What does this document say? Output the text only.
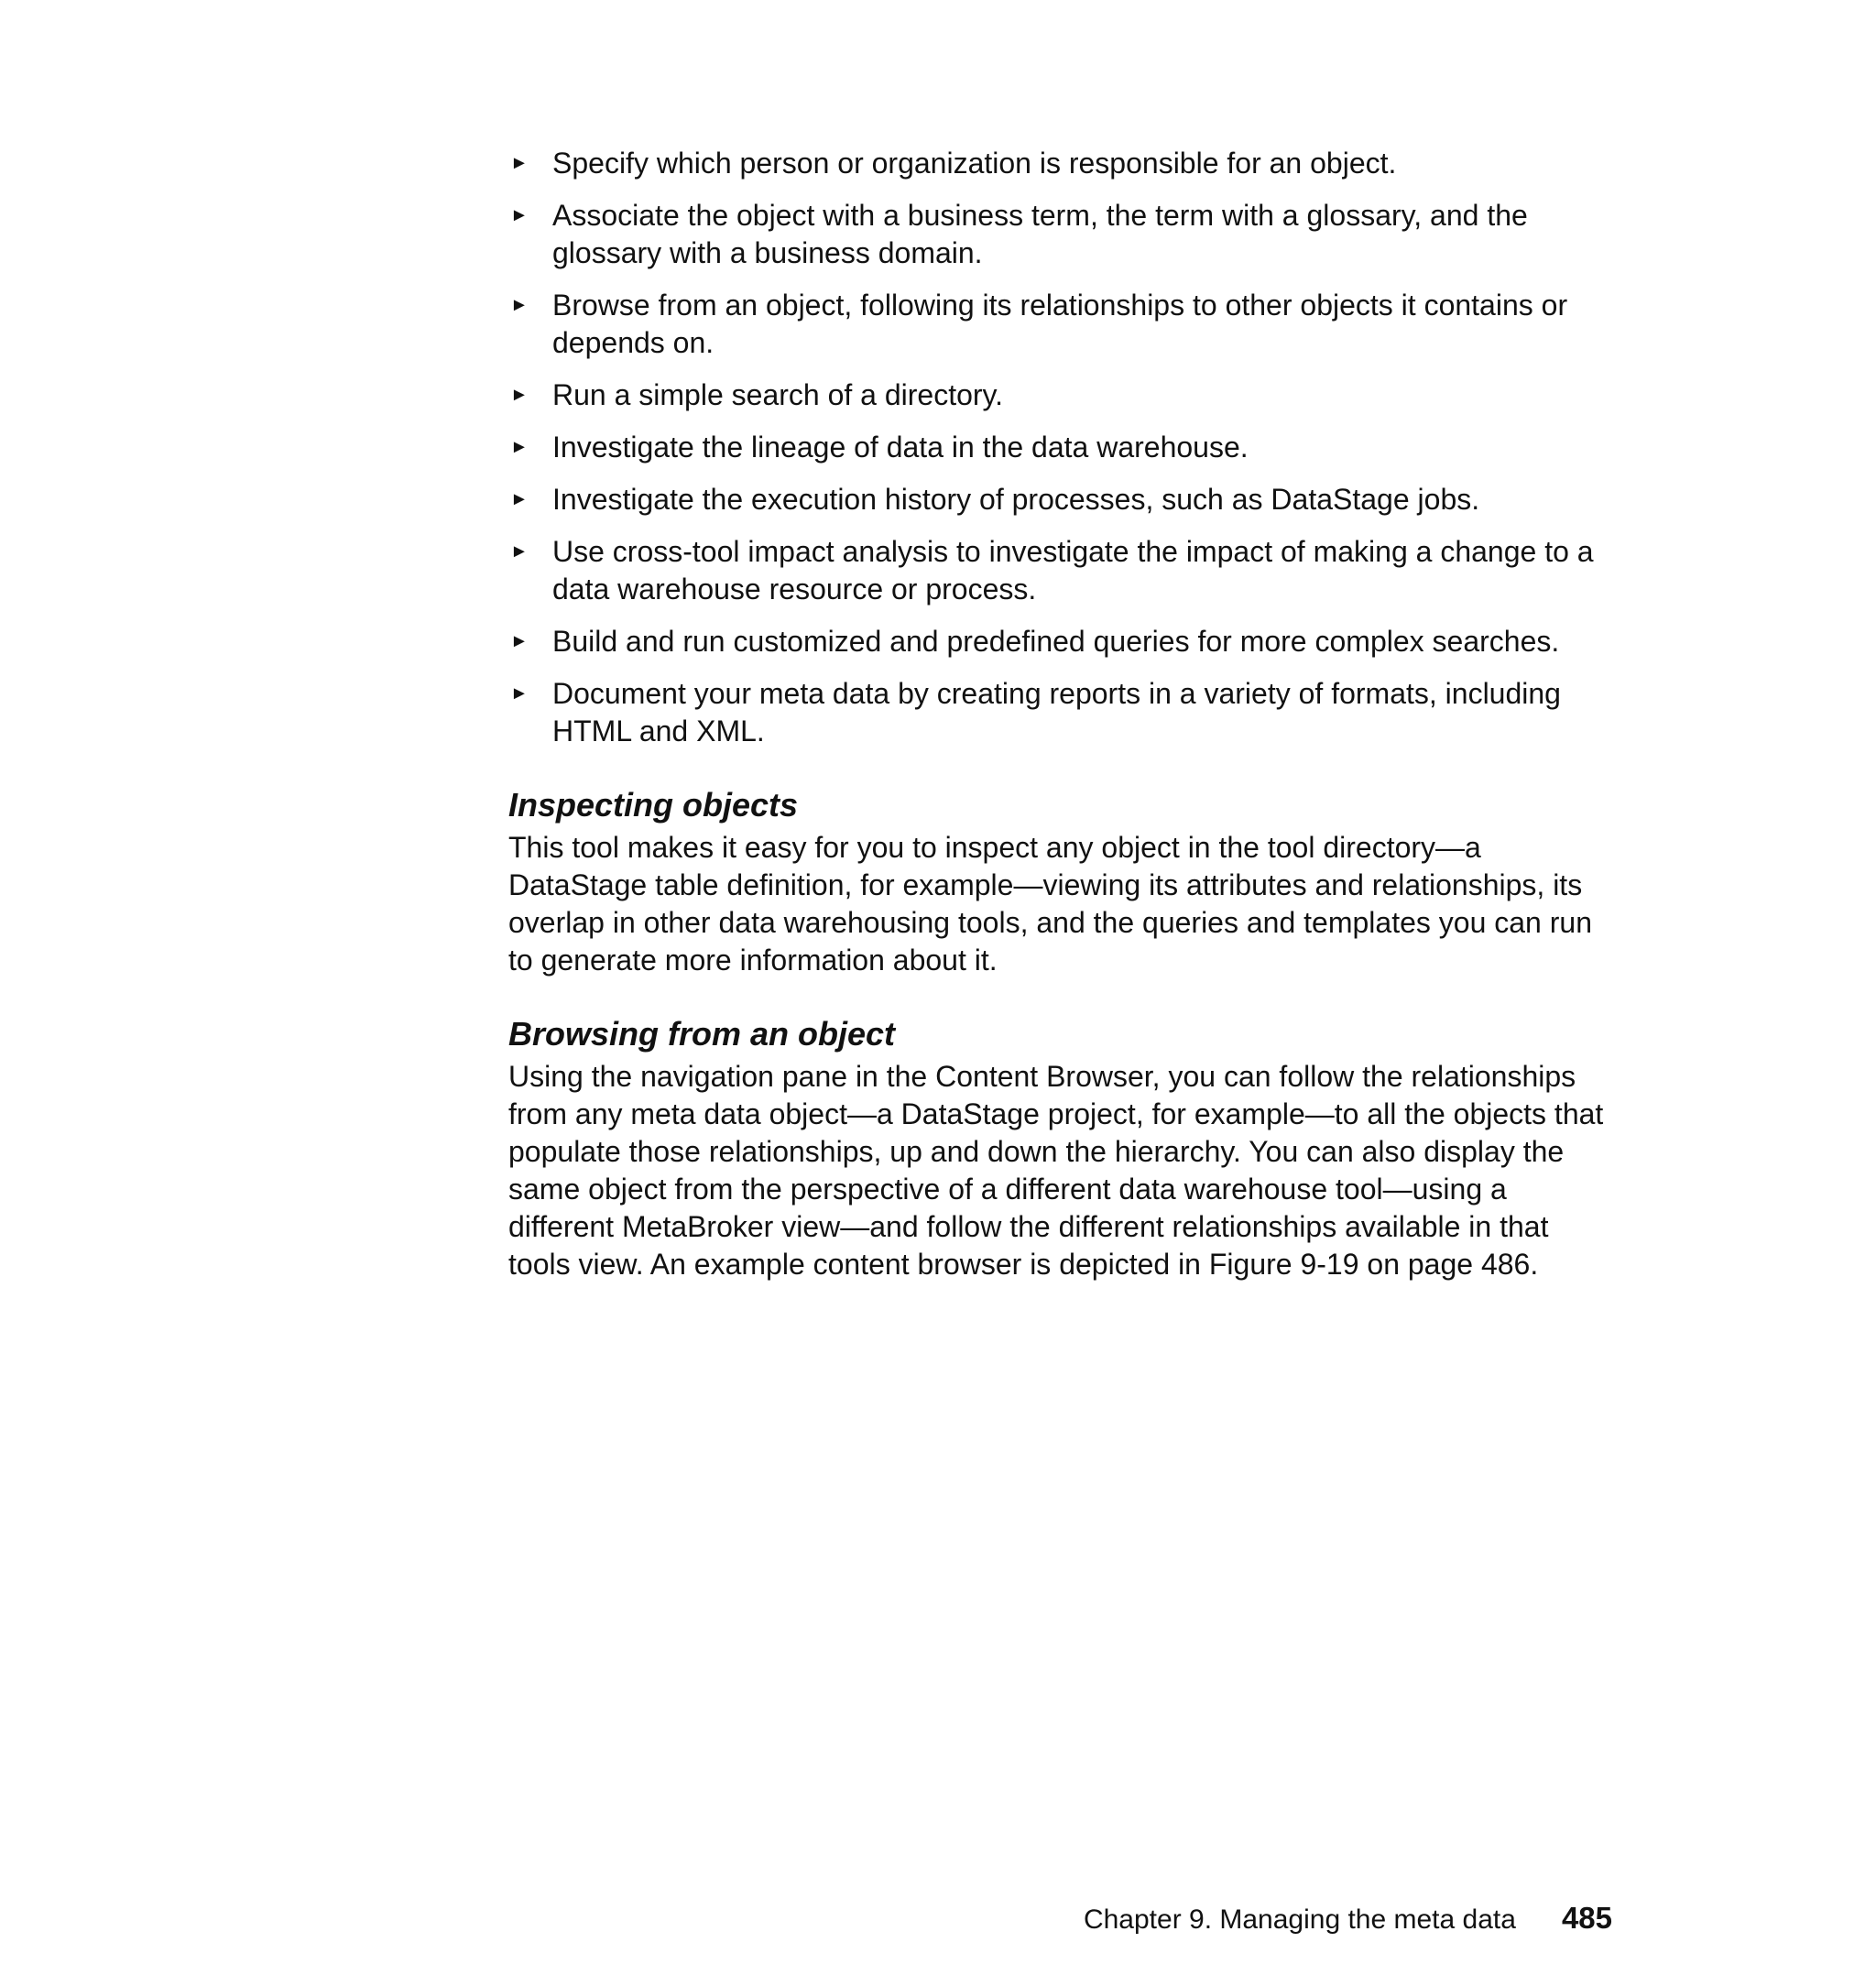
► Specify which person or organization is responsible for an object.
► Associate the object with a business term, the term with a glossary, and the glossary with a business domain.
► Browse from an object, following its relationships to other objects it contains or depends on.
► Run a simple search of a directory.
► Investigate the lineage of data in the data warehouse.
► Investigate the execution history of processes, such as DataStage jobs.
► Use cross-tool impact analysis to investigate the impact of making a change to a data warehouse resource or process.
► Build and run customized and predefined queries for more complex searches.
► Document your meta data by creating reports in a variety of formats, including HTML and XML.
Inspecting objects

This tool makes it easy for you to inspect any object in the tool directory—a DataStage table definition, for example—viewing its attributes and relationships, its overlap in other data warehousing tools, and the queries and templates you can run to generate more information about it.

Browsing from an object

Using the navigation pane in the Content Browser, you can follow the relationships from any meta data object—a DataStage project, for example—to all the objects that populate those relationships, up and down the hierarchy. You can also display the same object from the perspective of a different data warehouse tool—using a different MetaBroker view—and follow the different relationships available in that tools view. An example content browser is depicted in Figure 9-19 on page 486.

Chapter 9. Managing the meta data 485
